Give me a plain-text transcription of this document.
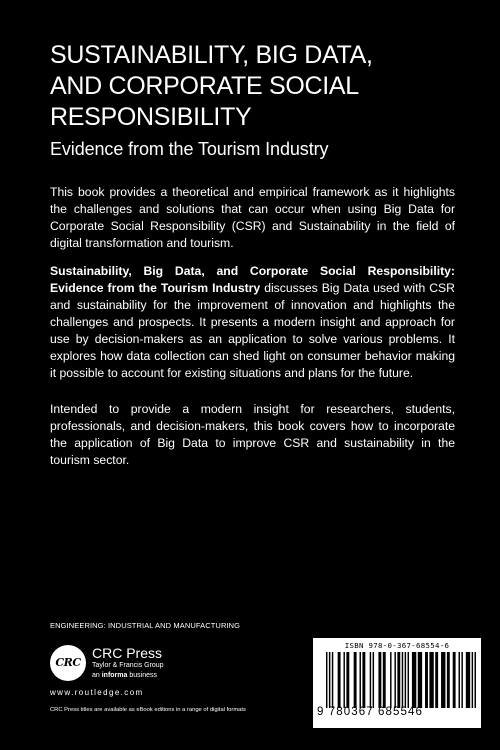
SUSTAINABILITY, BIG DATA,
AND CORPORATE SOCIAL
RESPONSIBILITY
Evidence from the Tourism Industry

This book provides a theoretical and empirical framework as it highlights the challenges and solutions that can occur when using Big Data for Corporate Social Responsibility (CSR) and Sustainability in the field of digital transformation and tourism.

Sustainability, Big Data, and Corporate Social Responsibility: Evidence from the Tourism Industry discusses Big Data used with CSR and sustainability for the improvement of innovation and highlights the challenges and prospects. It presents a modern insight and approach for use by decision-makers as an application to solve various problems. It explores how data collection can shed light on consumer behavior making it possible to account for existing situations and plans for the future.

Intended to provide a modern insight for researchers, students, professionals, and decision-makers, this book covers how to incorporate the application of Big Data to improve CSR and sustainability in the tourism sector.

ENGINEERING: INDUSTRIAL AND MANUFACTURING
CRC
CRC Press
Taylor & Francis Group
an informa business
www.routledge.com
CRC Press titles are available as eBook editions in a range of digital formats
ISBN 978-0-367-68554-6
9 780367 685546
